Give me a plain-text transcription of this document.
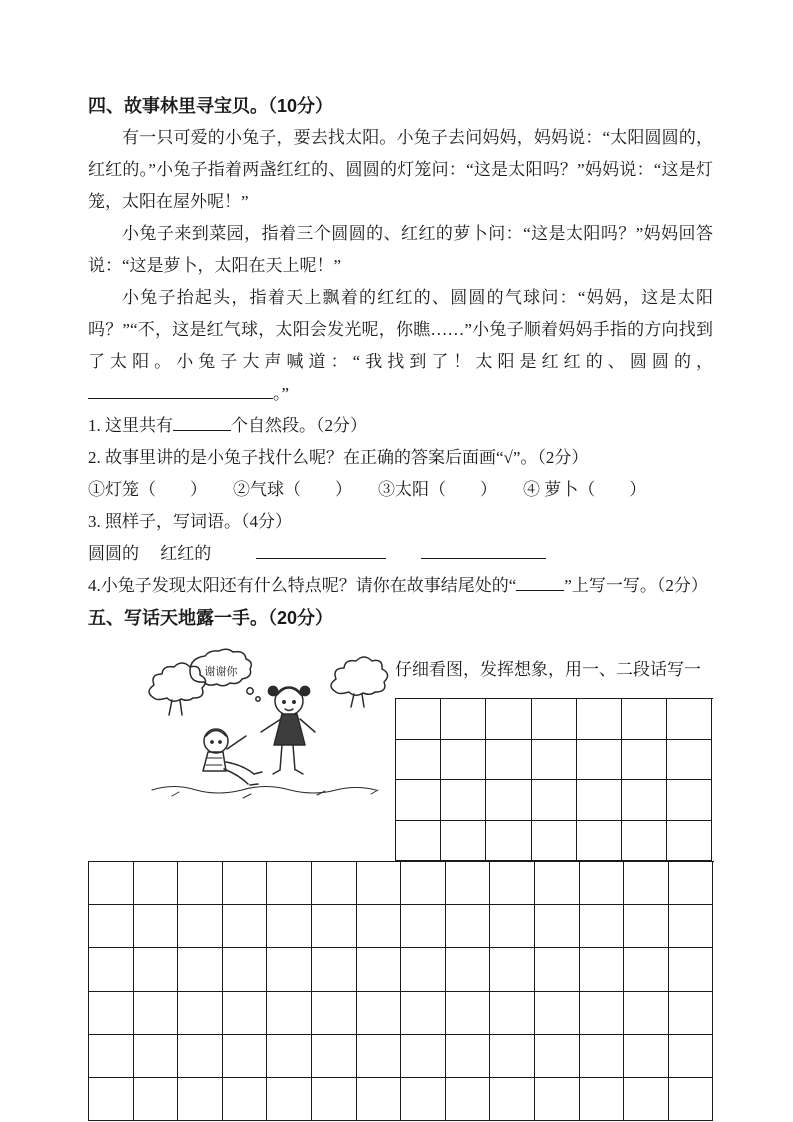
四、故事林里寻宝贝。（10分）

有一只可爱的小兔子，要去找太阳。小兔子去问妈妈，妈妈说：“太阳圆圆的，红红的。”小兔子指着两盏红红的、圆圆的灯笼问：“这是太阳吗？”妈妈说：“这是灯笼，太阳在屋外呢！”

小兔子来到菜园，指着三个圆圆的、红红的萝卜问：“这是太阳吗？”妈妈回答说：“这是萝卜，太阳在天上呢！”

小兔子抬起头，指着天上飘着的红红的、圆圆的气球问：“妈妈，这是太阳吗？”“不，这是红气球，太阳会发光呢，你瞧……”小兔子顺着妈妈手指的方向找到了太阳。小兔子大声喊道：“我找到了！太阳是红红的、圆圆的，。”

1. 这里共有	个自然段。（2分）

2. 故事里讲的是小兔子找什么呢？在正确的答案后面画“√”。（2分）

①灯笼（　　） ②气球（　　） ③太阳（　　） ④ 萝卜（　　）

3. 照样子，写词语。（4分）

圆圆的　 红红的

4.小兔子发现太阳还有什么特点呢？请你在故事结尾处的“	”上写一写。（2分）

五、写话天地露一手。（20分）
谢谢你	仔细看图，发挥想象，用一、二段话写一
